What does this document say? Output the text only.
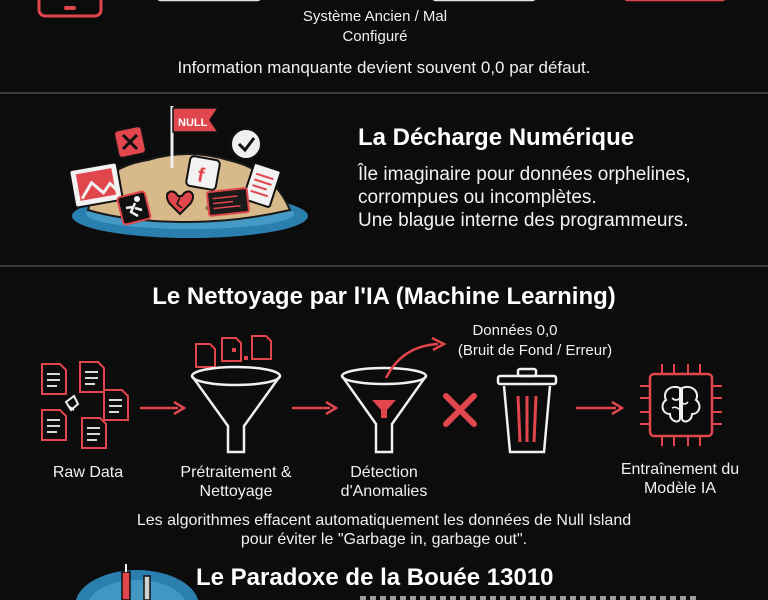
Système Ancien / Mal Configuré
Information manquante devient souvent 0,0 par défaut.
NULL
f
La Décharge Numérique
Île imaginaire pour données orphelines,
corrompues ou incomplètes.
Une blague interne des programmeurs.
Le Nettoyage par l'IA (Machine Learning)
Données 0,0
(Bruit de Fond / Erreur)
Raw Data	Prétraitement & Nettoyage
Détection d'Anomalies
Entraînement du Modèle IA
Les algorithmes effacent automatiquement les données de Null Island
pour éviter le "Garbage in, garbage out".
Le Paradoxe de la Bouée 13010
